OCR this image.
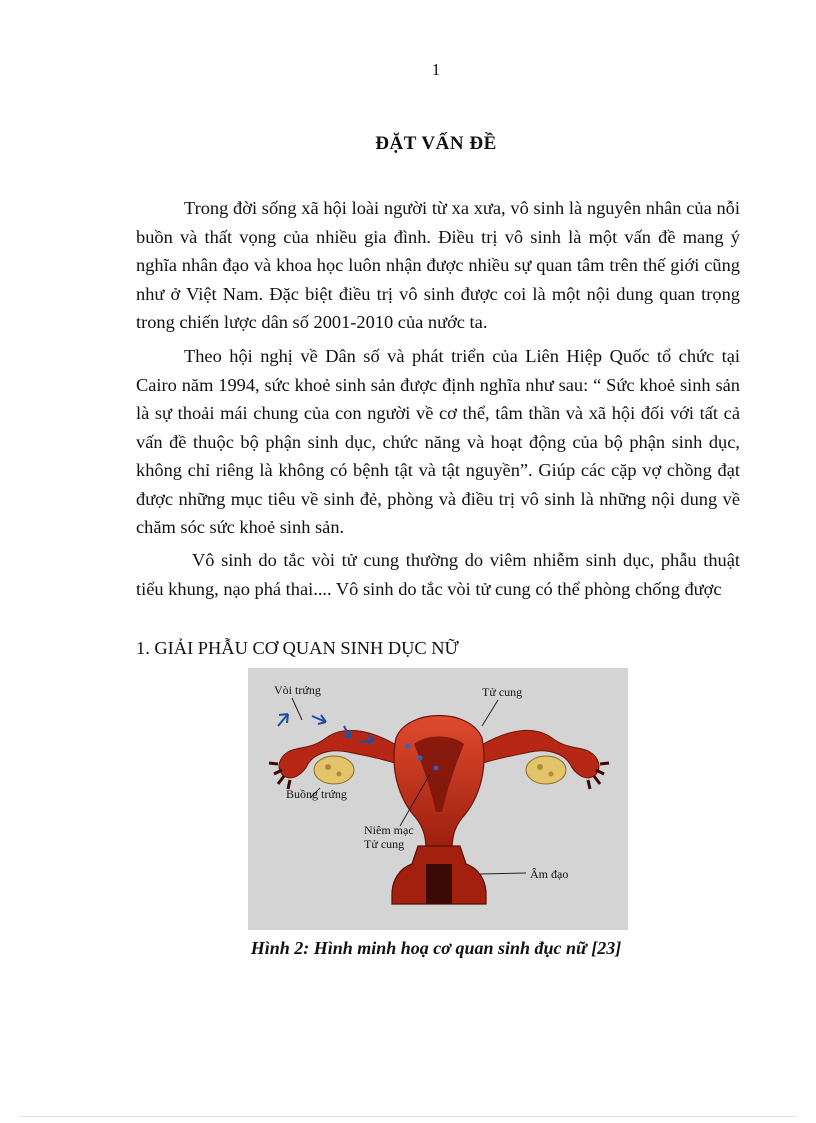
1
ĐẶT VẤN ĐỀ

Trong đời sống xã hội loài người từ xa xưa, vô sinh là nguyên nhân của nỗi buồn và thất vọng của nhiều gia đình. Điều trị vô sinh là một vấn đề mang ý nghĩa nhân đạo và khoa học luôn nhận được nhiều sự quan tâm trên thế giới cũng như ở Việt Nam. Đặc biệt điều trị vô sinh được coi là một nội dung quan trọng trong chiến lược dân số 2001-2010 của nước ta.

Theo hội nghị về Dân số và phát triển của Liên Hiệp Quốc tổ chức tại Cairo năm 1994, sức khoẻ sinh sản được định nghĩa như sau: “ Sức khoẻ sinh sản là sự thoải mái chung của con người về cơ thể, tâm thần và xã hội đối với tất cả vấn đề thuộc bộ phận sinh dục, chức năng và hoạt động của bộ phận sinh dục, không chỉ riêng là không có bệnh tật và tật nguyền”. Giúp các cặp vợ chồng đạt được những mục tiêu về sinh đẻ, phòng và điều trị vô sinh là những nội dung về chăm sóc sức khoẻ sinh sản.

Vô sinh do tắc vòi tử cung thường do viêm nhiễm sinh dục, phẫu thuật tiểu khung, nạo phá thai.... Vô sinh do tắc vòi tử cung có thể phòng chống được

1. GIẢI PHẪU CƠ QUAN SINH DỤC NỮ
Vòi trứng	Tử cung
Buồng trứng
Niêm mạc
Tử cung
Âm đạo
Hình 2: Hình minh hoạ cơ quan sinh đục nữ [23]
